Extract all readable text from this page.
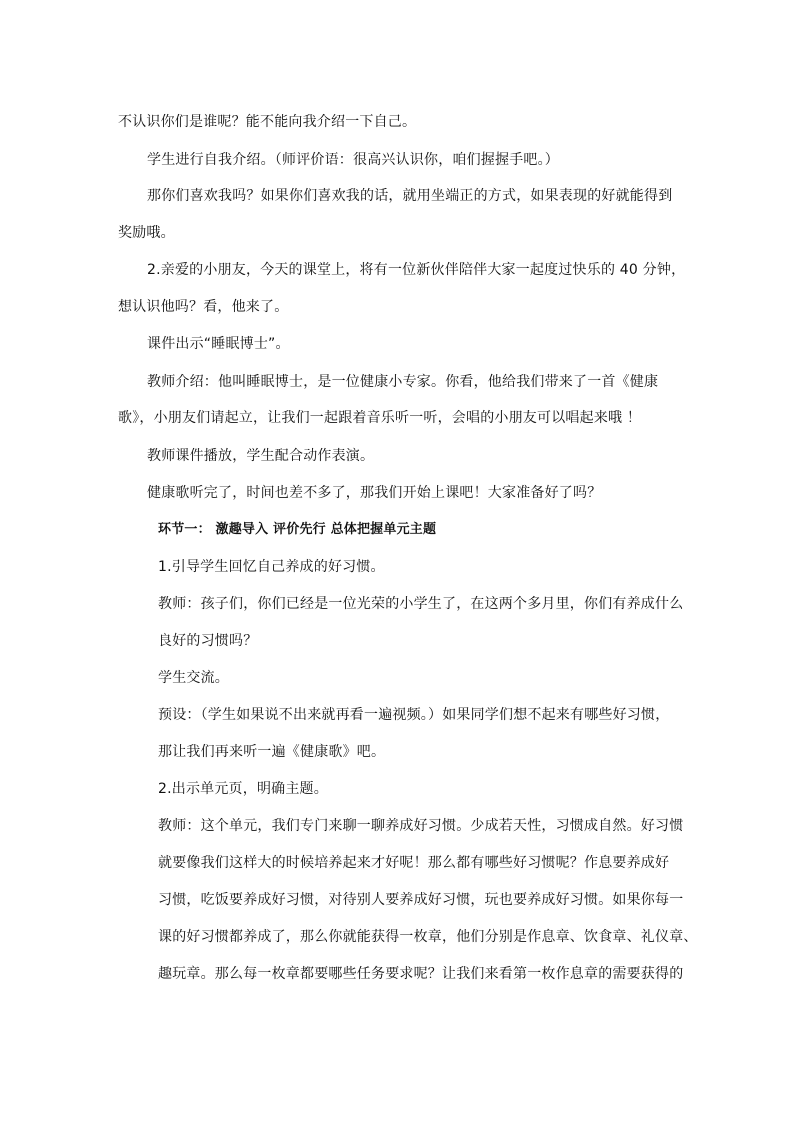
不认识你们是谁呢？能不能向我介绍一下自己。
学生进行自我介绍。（师评价语：很高兴认识你，咱们握握手吧。）
那你们喜欢我吗？如果你们喜欢我的话，就用坐端正的方式，如果表现的好就能得到
奖励哦。
2.亲爱的小朋友，今天的课堂上，将有一位新伙伴陪伴大家一起度过快乐的 40 分钟，
想认识他吗？看，他来了。
课件出示“睡眠博士”。
教师介绍：他叫睡眠博士，是一位健康小专家。你看，他给我们带来了一首《健康
歌》，小朋友们请起立，让我们一起跟着音乐听一听，会唱的小朋友可以唱起来哦 ！
教师课件播放，学生配合动作表演。
健康歌听完了，时间也差不多了，那我们开始上课吧！大家准备好了吗？
环节一： 激趣导入 评价先行 总体把握单元主题
1.引导学生回忆自己养成的好习惯。
教师：孩子们，你们已经是一位光荣的小学生了，在这两个多月里，你们有养成什么
良好的习惯吗？
学生交流。
预设：（学生如果说不出来就再看一遍视频。）如果同学们想不起来有哪些好习惯，
那让我们再来听一遍《健康歌》吧。
2.出示单元页，明确主题。
教师：这个单元，我们专门来聊一聊养成好习惯。少成若天性，习惯成自然。好习惯
就要像我们这样大的时候培养起来才好呢！那么都有哪些好习惯呢？作息要养成好
习惯，吃饭要养成好习惯，对待别人要养成好习惯，玩也要养成好习惯。如果你每一
课的好习惯都养成了，那么你就能获得一枚章，他们分别是作息章、饮食章、礼仪章、
趣玩章。那么每一枚章都要哪些任务要求呢？让我们来看第一枚作息章的需要获得的
